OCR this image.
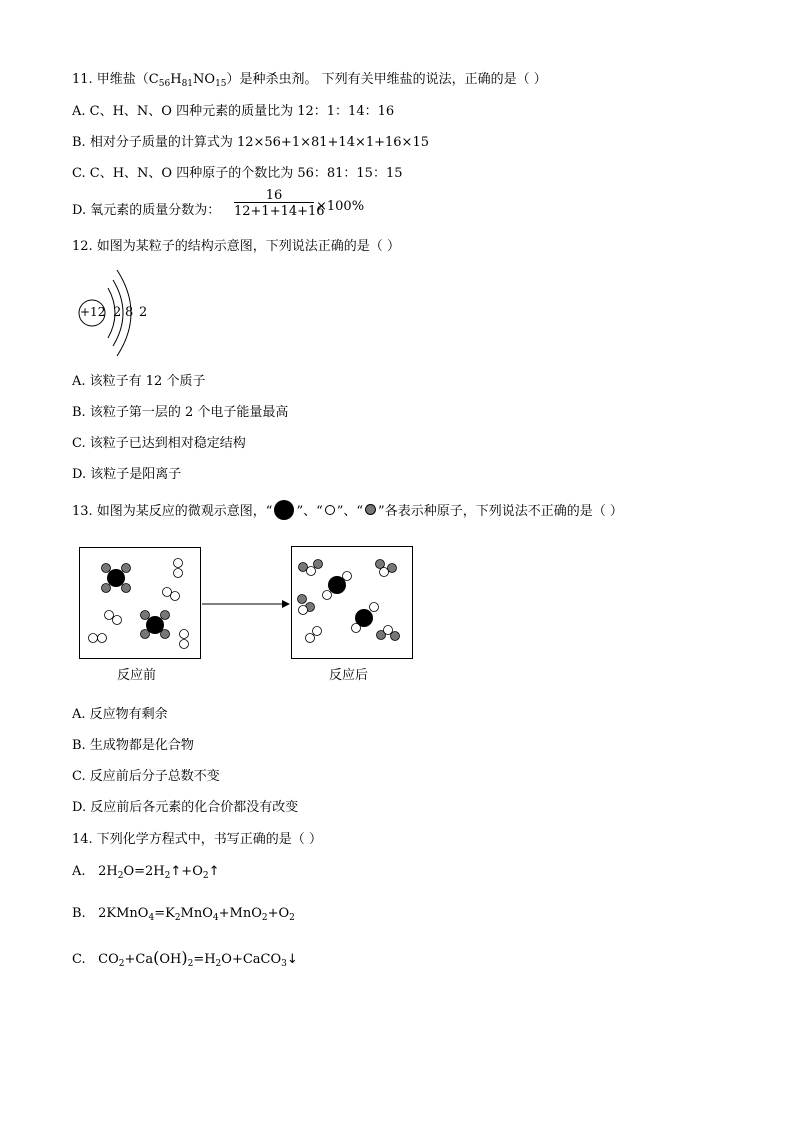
11. 甲维盐$(C_{56}H_{81}NO_{15})$是种杀虫剂。 下列有关甲维盐的说法，正确的是（ ）
A. C、H、N、O 四种元素的质量比为 12：1：14：16
B. 相对分子质量的计算式为 12×56+1×81+14×1+16×15
C. C、H、N、O 四种原子的个数比为 56：81：15：15
D. 氧元素的质量分数为：
16
12+1+14+16
×100%
12. 如图为某粒子的结构示意图，下列说法正确的是（ ）
+12 2 8 2
A. 该粒子有 12 个质子
B. 该粒子第一层的 2 个电子能量最高
C. 该粒子已达到相对稳定结构
D. 该粒子是阳离子
13. 如图为某反应的微观示意图，“ ”、“ ”、“ ”各表示种原子，下列说法不正确的是（ ）
反应前	反应后
A. 反应物有剩余
B. 生成物都是化合物
C. 反应前后分子总数不变
D. 反应前后各元素的化合价都没有改变
14. 下列化学方程式中，书写正确的是（ ）
A. $2H_2O=2H_2↑+O_2↑$
B. $2KMnO_4=K_2MnO_4+MnO_2+O_2$
C. $CO_2+Ca(OH)_2=H_2O+CaCO_3↓$
